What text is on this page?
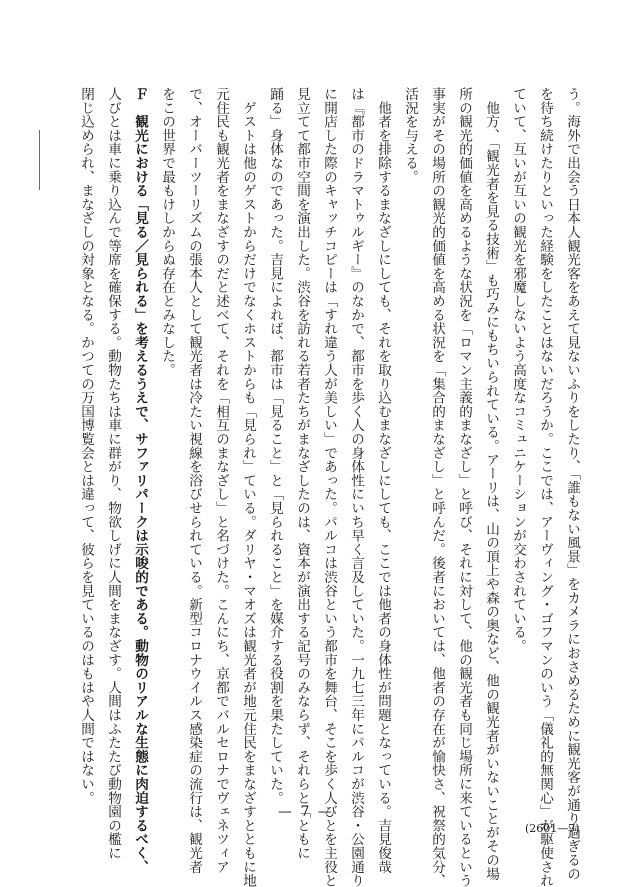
う。海外で出会う日本人観光客をあえて見ないふりをしたり、「誰もない風景」をカメラにおさめるために観光客が通り過ぎるの
を待ち続けたりといった経験をしたことはないだろうか。ここでは、アーヴィング・ゴフマンのいう「儀礼的無関心」が駆使され
ていて、互いが互いの観光を邪魔しないよう高度なコミュニケーションが交わされている。
　他方、「観光者を見る技術」も巧みにもちいられている。アーリは、山の頂上や森の奥など、他の観光者がいないことがその場
所の観光的価値を高めるような状況を「ロマン主義的まなざし」と呼び、それに対して、他の観光者も同じ場所に来ているという
事実がその場所の観光的価値を高める状況を「集合的まなざし」と呼んだ。後者においては、他者の存在が愉快さ、祝祭的気分、
活況を与える。
　他者を排除するまなざしにしても、それを取り込むまなざしにしても、ここでは他者の身体性が問題となっている。吉見俊哉
は『都市のドラマトゥルギー』のなかで、都市を歩く人の身体性にいち早く言及していた。一九七三年にパルコが渋谷・公園通り
に開店した際のキャッチコピーは「すれ違う人が美しい」であった。パルコは渋谷という都市を舞台、そこを歩く人びとを主役と
見立てて都市空間を演出した。渋谷を訪れる若者たちがまなざしたのは、資本が演出する記号のみならず、それらと「ともに
踊る」身体なのであった。吉見によれば、都市は「見ること」と「見られること」を媒介する役割を果たしていた。
　ゲストは他のゲストからだけでなくホストからも「見られ」ている。ダリヤ・マオズは観光者が地元住民をまなざすとともに地
元住民も観光者をまなざすのだと述べて、それを「相互のまなざし」と名づけた。こんにち、京都でバルセロナでヴェネツィア
で、オーバーツーリズムの張本人として観光者は冷たい視線を浴びせられている。新型コロナウイルス感染症の流行は、観光者
をこの世界で最もけしからぬ存在とみなした。
Ｆ　観光における「見る／見られる」を考えるうえで、サファリパークは示唆的である。動物のリアルな生態に肉迫するべく、
人びとは車に乗り込んで等席を確保する。動物たちは車に群がり、物欲しげに人間をまなざす。人間はふたたび動物園の檻に
閉じ込められ、まなざしの対象となる。かつての万国博覧会とは違って、彼らを見ているのはもはや人間ではない。
— 7 —
(2601—7)
